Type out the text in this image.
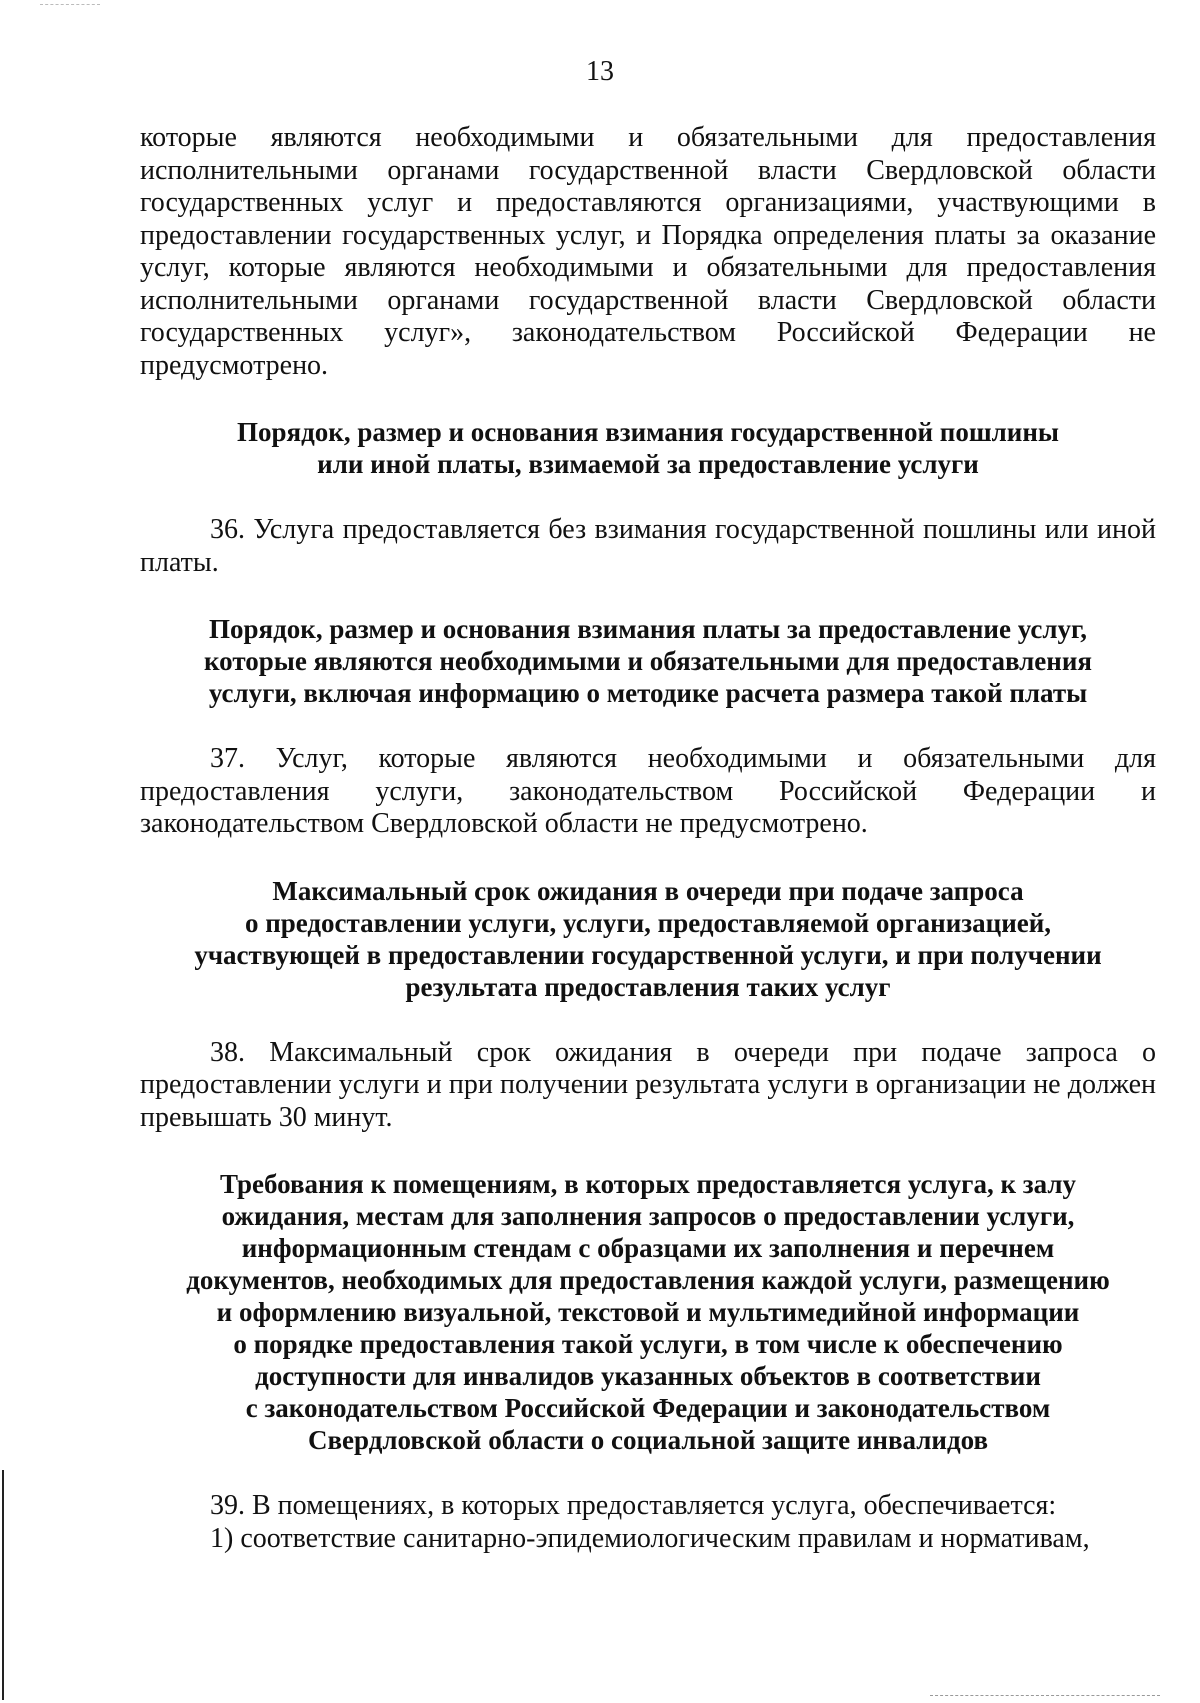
13

которые являются необходимыми и обязательными для предоставления исполнительными органами государственной власти Свердловской области государственных услуг и предоставляются организациями, участвующими в предоставлении государственных услуг, и Порядка определения платы за оказание услуг, которые являются необходимыми и обязательными для предоставления исполнительными органами государственной власти Свердловской области государственных услуг», законодательством Российской Федерации не предусмотрено.

Порядок, размер и основания взимания государственной пошлины
или иной платы, взимаемой за предоставление услуги

36. Услуга предоставляется без взимания государственной пошлины или иной платы.

Порядок, размер и основания взимания платы за предоставление услуг,
которые являются необходимыми и обязательными для предоставления
услуги, включая информацию о методике расчета размера такой платы

37. Услуг, которые являются необходимыми и обязательными для предоставления услуги, законодательством Российской Федерации и законодательством Свердловской области не предусмотрено.

Максимальный срок ожидания в очереди при подаче запроса
о предоставлении услуги, услуги, предоставляемой организацией,
участвующей в предоставлении государственной услуги, и при получении
результата предоставления таких услуг

38. Максимальный срок ожидания в очереди при подаче запроса о предоставлении услуги и при получении результата услуги в организации не должен превышать 30 минут.

Требования к помещениям, в которых предоставляется услуга, к залу
ожидания, местам для заполнения запросов о предоставлении услуги,
информационным стендам с образцами их заполнения и перечнем
документов, необходимых для предоставления каждой услуги, размещению
и оформлению визуальной, текстовой и мультимедийной информации
о порядке предоставления такой услуги, в том числе к обеспечению
доступности для инвалидов указанных объектов в соответствии
с законодательством Российской Федерации и законодательством
Свердловской области о социальной защите инвалидов

39. В помещениях, в которых предоставляется услуга, обеспечивается:

1) соответствие санитарно-эпидемиологическим правилам и нормативам,
